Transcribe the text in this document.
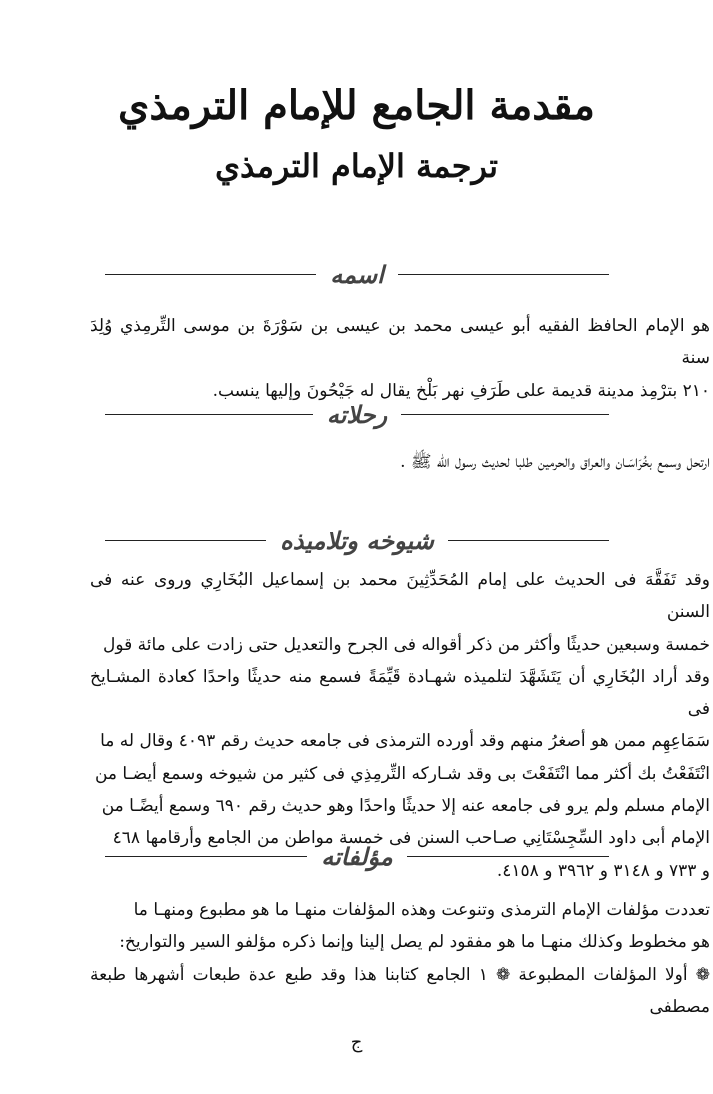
مقدمة الجامع للإمام الترمذي
ترجمة الإمام الترمذي
اسمه

هو الإمام الحافظ الفقيه أبو عيسى محمد بن عيسى بن سَوْرَةَ بن موسى التِّرمِذي وُلِدَ سنة

٢١٠ بترْمِذ مدينة قديمة على طَرَفِ نهر بَلْخ يقال له جَيْحُونَ وإليها ينسب.

رحلاته

ارتحل وسمع بخُرَاسَـان والعراق والحرمين طلبا لحديث رسول الله ﷺ .

شيوخه وتلاميذه

وقد تَفَقَّهَ فى الحديث على إمام المُحَدِّثِينَ محمد بن إسماعيل البُخَارِي وروى عنه فى السنن

خمسة وسبعين حديثًا وأكثر من ذكر أقواله فى الجرح والتعديل حتى زادت على مائة قول

وقد أراد البُخَارِي أن يَتَشَهَّدَ لتلميذه شهـادة قَيِّمَةً فسمع منه حديثًا واحدًا كعادة المشـايخ فى

سَمَاعِهِم ممن هو أصغرُ منهم وقد أورده الترمذى فى جامعه حديث رقم ٤٠٩٣ وقال له ما

انْتَفَعْتُ بك أكثر مما انْتَفَعْتَ بى وقد شـاركه التِّرمِذِي فى كثير من شيوخه وسمع أيضـا من

الإمام مسلم ولم يرو فى جامعه عنه إلا حديثًا واحدًا وهو حديث رقم ٦٩٠ وسمع أيضًـا من

الإمام أبى داود السِّجِسْتَانِي صـاحب السنن فى خمسة مواطن من الجامع وأرقامها ٤٦٨

و ٧٣٣ و ٣١٤٨ و ٣٩٦٢ و ٤١٥٨.

مؤلفاته

تعددت مؤلفات الإمام الترمذى وتنوعت وهذه المؤلفات منهـا ما هو مطبوع ومنهـا ما

هو مخطوط وكذلك منهـا ما هو مفقود لم يصل إلينا وإنما ذكره مؤلفو السير والتواريخ:

❁ أولا المؤلفات المطبوعة ❁ ١ الجامع كتابنا هذا وقد طبع عدة طبعات أشهرها طبعة مصطفى

ج
